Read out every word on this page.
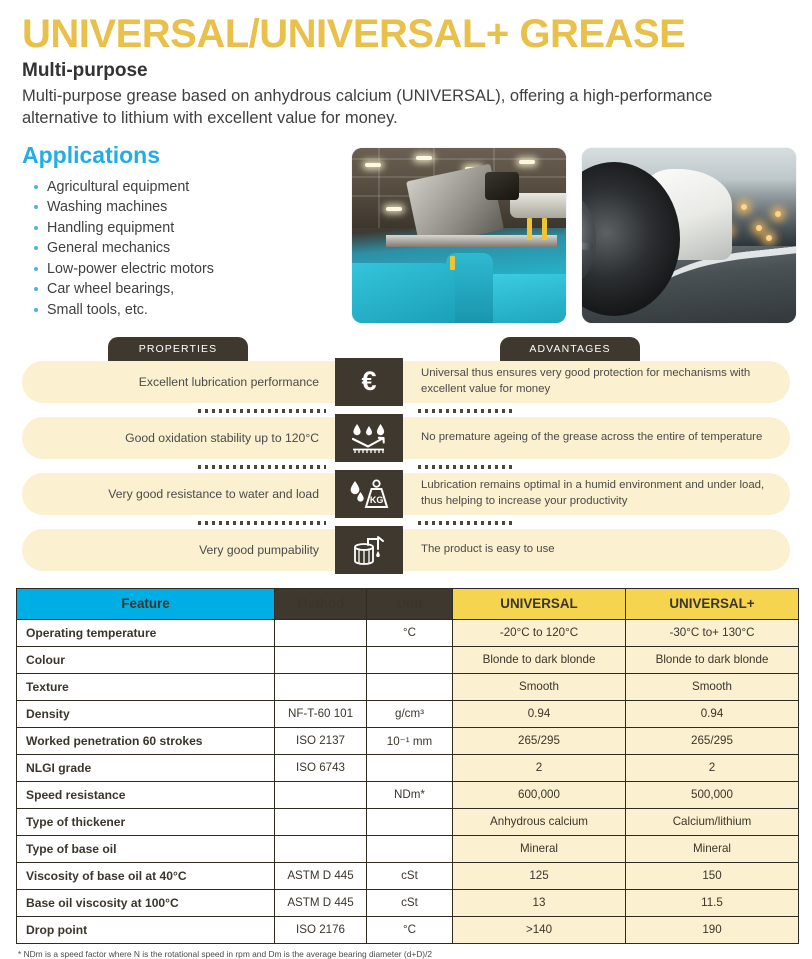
UNIVERSAL/UNIVERSAL+ GREASE
Multi-purpose

Multi-purpose grease based on anhydrous calcium (UNIVERSAL), offering a high-performance alternative to lithium with excellent value for money.

Applications
Agricultural equipment
Washing machines
Handling equipment
General mechanics
Low-power electric motors
Car wheel bearings,
Small tools, etc.
PROPERTIES	ADVANTAGES
Excellent lubrication performance	€	Universal thus ensures very good protection for mechanisms with excellent value for money
Good oxidation stability up to 120°C	No premature ageing of the grease across the entire of temperature
Very good resistance to water and load	KG
Lubrication remains optimal in a humid environment and under load, thus helping to increase your productivity
Very good pumpability	The product is easy to use
Feature	Method	Unit	UNIVERSAL	UNIVERSAL+
Operating temperature		°C	-20°C to 120°C	-30°C to+ 130°C
Colour			Blonde to dark blonde	Blonde to dark blonde
Texture			Smooth	Smooth
Density	NF-T-60 101	g/cm³	0.94	0.94
Worked penetration 60 strokes	ISO 2137	10⁻¹ mm	265/295	265/295
NLGI grade	ISO 6743		2	2
Speed resistance		NDm*	600,000	500,000
Type of thickener			Anhydrous calcium	Calcium/lithium
Type of base oil			Mineral	Mineral
Viscosity of base oil at 40°C	ASTM D 445	cSt	125	150
Base oil viscosity at 100°C	ASTM D 445	cSt	13	11.5
Drop point	ISO 2176	°C	>140	190
* NDm is a speed factor where N is the rotational speed in rpm and Dm is the average bearing diameter (d+D)/2
